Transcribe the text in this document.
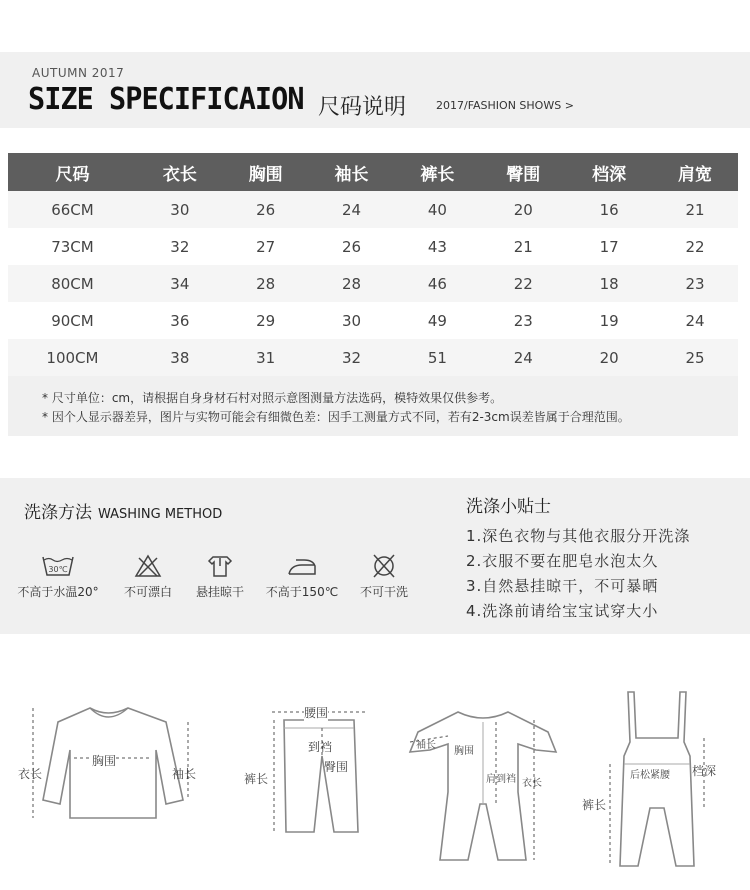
AUTUMN 2017
SIZE SPECIFICAION 尺码说明	2017/FASHION SHOWS >
尺码	衣长	胸围	袖长	裤长	臀围	档深	肩宽
66CM	30	26	24	40	20	16	21
73CM	32	27	26	43	21	17	22
80CM	34	28	28	46	22	18	23
90CM	36	29	30	49	23	19	24
100CM	38	31	32	51	24	20	25

* 尺寸单位：cm，请根据自身身材石村对照示意图测量方法选码，模特效果仅供参考。

* 因个人显示器差异，图片与实物可能会有细微色差：因手工测量方式不同，若有2-3cm误差皆属于合理范围。

洗涤方法 WASHING METHOD
30℃
不高于水温20°	不可漂白	悬挂晾干	不高于150℃	不可干洗
洗涤小贴士
1.深色衣物与其他衣服分开洗涤
2.衣服不要在肥皂水泡太久
3.自然悬挂晾干，不可暴晒
4.洗涤前请给宝宝试穿大小
衣长
胸围
袖长
腰围
到裆
裤长
臀围
袖长
胸围
肩到裆 衣长
后松紧腰 档深
裤长
